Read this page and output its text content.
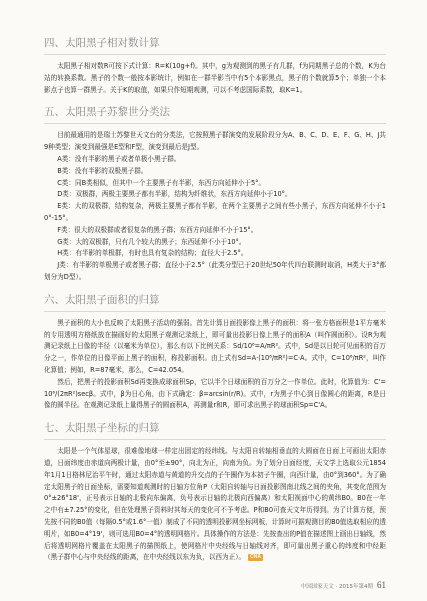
四、太阳黑子相对数计算

太阳黑子相对数R可按下式计算：R=K(10g+f)。其中，g为观测到的黑子有几群，f为同期黑子总的个数，K为台站的转换系数。黑子的个数一般按本影统计，例如在一群半影当中有5个本影黑点，黑子的个数就算5个；单独一个本影点子也算一群黑子。关于K的取值，如果只作短期观测，可以不考虑国际系数，取K=1。

五、太阳黑子苏黎世分类法

目前最通用的是瑞士苏黎世天文台的分类法，它按照黑子群演变的发展阶段分为A、B、C、D、E、F、G、H、J共9种类型；演变到最强是E型和F型，演变到最后是J型。

A类：没有半影的黑子或者单极小黑子群。

B类：没有半影的双极黑子群。

C类：同B类相似，但其中一个主要黑子有半影，东西方向延伸小于5°。

D类：双极群，两极主要黑子都有半影，结构为纤维状，东西方向延伸小于10°。

E类：大的双极群，结构复杂，两极主要黑子都有半影，在两个主要黑子之间有些小黑子，东西方向延伸不小于10°-15°。

F类：很大的双极群或者很复杂的黑子群；东西方向延伸不小于15°。

G类：大的双极群，只有几个较大的黑子；东西延伸不小于10°。

H类：有半影的单极群，有时也具有复杂的结构；直径大于2.5°。

J类：有半影的单极黑子或者黑子群；直径小于2.5°（此类分型已于20世纪50年代四台联测时取消，H类大于3°都划分为D型）。

六、太阳黑子面积的归算

黑子面积的大小也反映了太阳黑子活动的强弱。首先计算日面投影像上黑子的面积：将一张方格面积是1平方毫米的专用透明方格纸放在描画好的太阳黑子观测记录纸上，即可量出投影日像上黑子的面积A（叫作圆面积）。设R为观测记录纸上日像的半径（以毫米为单位），那么有以下比例关系：Sd/10⁶=A/πR²。式中，Sd是以日轮可见面积的百万分之一，作单位的日像平面上黑子的面积，称投影面积。由上式有Sd=A·(10⁶/πR²)=C·A。式中，C=10⁶/πR²，叫作化算值；例如，R=87毫米，那么，C=42.054。

然后，把黑子的投影面积Sd再变换成球面积Sp，它以半个日球面积的百万分之一作单位。此时，化算值为：C'=10⁶/(2πR²)secβ。式中，β为日心角，由下式确定：β=arcsin(r/R)。式中，r为黑子中心到日像圆心的距离，R是日像的圆半径。在观测记录纸上量得黑子的圆面积A，再测量r和R，即可求出黑子的球面积Sp=C'A。

七、太阳黑子坐标的归算

太阳是一个气体星球，很难像地球一样定出固定的经纬线。与太阳自转轴相垂直的大圆面在日面上可画出太阳赤道，日面纬度由赤道向两极计量，由0°至±90°，向北为正，向南为负。为了划分日面经度，天文学上选取公元1854年1月1日格林尼治平午时，通过太阳赤道与黄道的升交点的子午圈作为本初子午圈，向西计量，由0°到360°。为了确定太阳黑子的日面坐标，需要知道观测时的日轴方位角P（太阳自转轴与日面投影图南北线之间的夹角，其变化范围为0°±26°18'，正号表示日轴的北极向东偏离，负号表示日轴的北极向西偏离）和太阳视面中心的黄纬B0。B0在一年之中有±7.25°的变化，但在处理黑子资料时其每天的变化可不予考虑。P和B0可查天文年历得到。为了计算方便，预先按不同的B0值（每隔0.5°或1.6°一值）制成了不同的透明投影网坐标网板，计算时可据观测目的B0值选取相应的透明片，如B0=4°19'，则可选用B0=4°的透明网格片。具体操作的方法是：先按查出的P值在描述图上画出日轴线，然后将透明网格片覆盖在太阳黑子的描图纸上，使网格片中央经线与日轴线对齐，即可量出黑子重心的纬度和中经距（黑子群中心与中央经线的距离，在中央经线以东为负，以西为正）。 CNA

中国国家天文 · 2015年第4期 61
